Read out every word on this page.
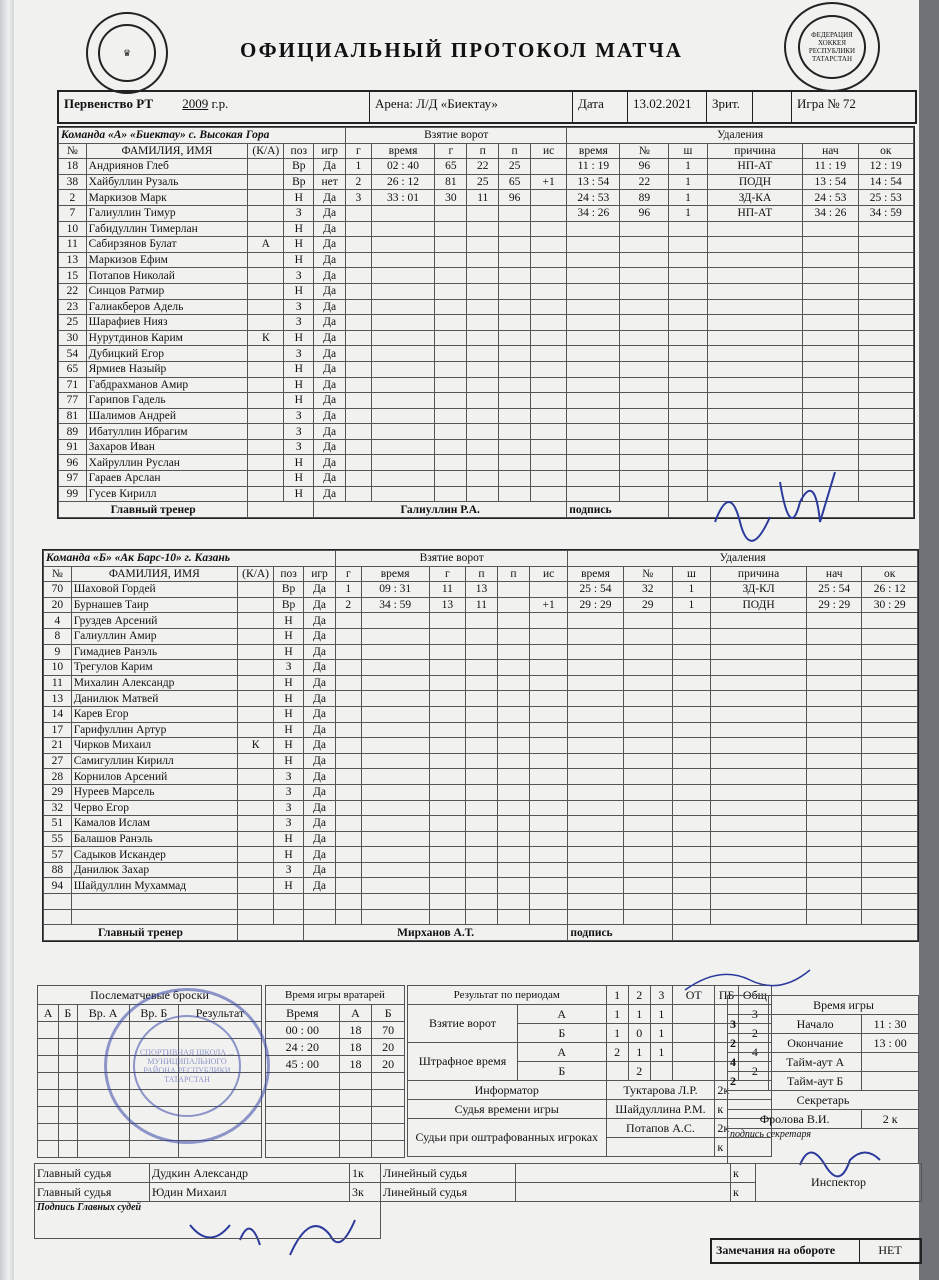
♛
ФЕДЕРАЦИЯ ХОККЕЯ РЕСПУБЛИКИ ТАТАРСТАН
ОФИЦИАЛЬНЫЙ ПРОТОКОЛ МАТЧА
Первенство РТ 2009 г.р.	Арена: Л/Д «Биектау»	Дата	13.02.2021	Зрит.	Игра № 72
Команда «А» «Биектау» с. Высокая Гора					Взятие ворот						Удаления					
№	ФАМИЛИЯ, ИМЯ	(К/А)	поз	игр	г	время	г	п	п	ис	время	№	ш	причина	нач	ок
18	Андриянов Глеб		Вр	Да	1	02 : 40	65	22	25		11 : 19	96	1	НП-АТ	11 : 19	12 : 19
38	Хайбуллин Рузаль		Вр	нет	2	26 : 12	81	25	65	+1	13 : 54	22	1	ПОДН	13 : 54	14 : 54
2	Маркизов Марк		Н	Да	3	33 : 01	30	11	96		24 : 53	89	1	ЗД-КА	24 : 53	25 : 53
7	Галиуллин Тимур		З	Да							34 : 26	96	1	НП-АТ	34 : 26	34 : 59
10	Габидуллин Тимерлан		Н	Да												
11	Сабирзянов Булат	А	Н	Да												
13	Маркизов Ефим		Н	Да												
15	Потапов Николай		З	Да												
22	Синцов Ратмир		Н	Да												
23	Галиакберов Адель		З	Да												
25	Шарафиев Нияз		З	Да												
30	Нурутдинов Карим	К	Н	Да												
54	Дубицкий Егор		З	Да												
65	Ярмиев Назыйр		Н	Да												
71	Габдрахманов Амир		Н	Да												
77	Гарипов Гадель		Н	Да												
81	Шалимов Андрей		З	Да												
89	Ибатуллин Ибрагим		З	Да												
91	Захаров Иван		З	Да												
96	Хайруллин Руслан		Н	Да												
97	Гараев Арслан		Н	Да												
99	Гусев Кирилл		Н	Да												
Главный тренер				Галиуллин Р.А.							подпись					
Команда «Б» «Ак Барс-10» г. Казань					Взятие ворот						Удаления					
№	ФАМИЛИЯ, ИМЯ	(К/А)	поз	игр	г	время	г	п	п	ис	время	№	ш	причина	нач	ок
70	Шаховой Гордей		Вр	Да	1	09 : 31	11	13			25 : 54	32	1	ЗД-КЛ	25 : 54	26 : 12
20	Бурнашев Таир		Вр	Да	2	34 : 59	13	11		+1	29 : 29	29	1	ПОДН	29 : 29	30 : 29
4	Груздев Арсений		Н	Да												
8	Галиуллин Амир		Н	Да												
9	Гимадиев Ранэль		Н	Да												
10	Трегулов Карим		З	Да												
11	Михалин Александр		Н	Да												
13	Данилюк Матвей		Н	Да												
14	Карев Егор		Н	Да												
17	Гарифуллин Артур		Н	Да												
21	Чирков Михаил	К	Н	Да												
27	Самигуллин Кирилл		Н	Да												
28	Корнилов Арсений		З	Да												
29	Нуреев Марсель		З	Да												
32	Черво Егор		З	Да												
51	Камалов Ислам		З	Да												
55	Балашов Ранэль		Н	Да												
57	Садыков Искандер		Н	Да												
88	Данилюк Захар		З	Да												
94	Шайдуллин Мухаммад		Н	Да												

Главный тренер				Мирханов А.Т.							подпись					
Послематчевые броски				
А	Б	Вр. А	Вр. Б	Результат

Время игры вратарей		
Время	А	Б
00 : 00	18	70
24 : 20	18	20
45 : 00	18	20

Результат по периодам		1	2	3	ОТ	ПБ	Общ
Взятие ворот	А	1	1	1			3
	Б	1	0	1			2
Штрафное время	А	2	1	1			4
	Б		2				2
Информатор		Туктарова Л.Р.				2к	
Судья времени игры		Шайдуллина Р.М.				к	
Судьи при оштрафованных игроках		Потапов А.С.				2к	
						к	
	Время игры	
3	Начало	11 : 30
2	Окончание	13 : 00
4	Тайм-аут А	
2	Тайм-аут Б	
Секретарь		
Фролова В.И.		2 к
подпись секретаря		
СПОРТИВНАЯ ШКОЛА ... МУНИЦИПАЛЬНОГО РАЙОНА РЕСПУБЛИКИ ТАТАРСТАН
Главный судья	Дудкин Александр	1к	Линейный судья		к	Инспектор
Главный судья	Юдин Михаил	3к	Линейный судья		к	
Подпись Главных судей						
Замечания на обороте	НЕТ
